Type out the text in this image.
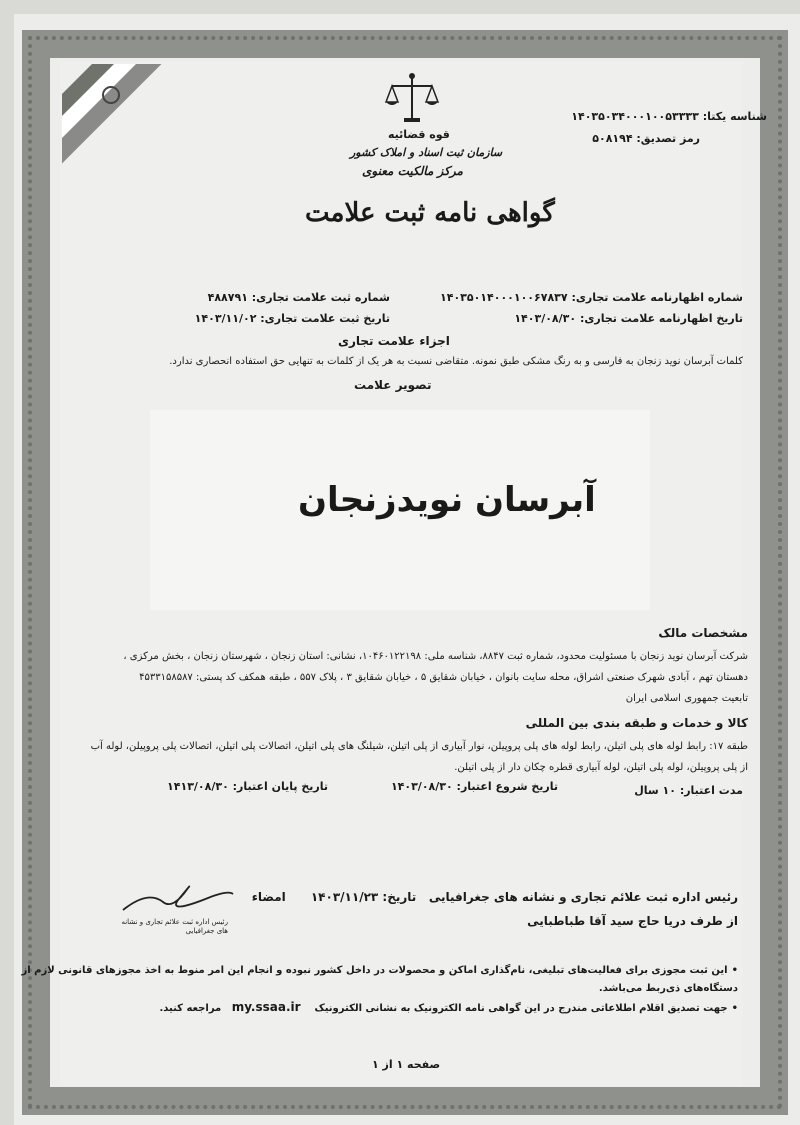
شناسه یکتا: ۱۴۰۳۵۰۳۴۰۰۰۱۰۰۵۳۳۳۳
رمز تصدیق: ۵۰۸۱۹۴
قوه قضائیه
سازمان ثبت اسناد و املاک کشور
مرکز مالکیت معنوی
گواهی نامه ثبت علامت
شماره اظهارنامه علامت تجاری: ۱۴۰۳۵۰۱۴۰۰۰۱۰۰۶۷۸۳۷
تاریخ اظهارنامه علامت تجاری: ۱۴۰۳/۰۸/۳۰
شماره ثبت علامت تجاری: ۴۸۸۷۹۱
تاریخ ثبت علامت تجاری: ۱۴۰۳/۱۱/۰۲
اجزاء علامت تجاری
کلمات آبرسان نوید زنجان به فارسی و به رنگ مشکی طبق نمونه. متقاضی نسبت به هر یک از کلمات به تنهایی حق استفاده انحصاری ندارد.
تصویر علامت
آبرسان نویدزنجان
مشخصات مالک
شرکت آبرسان نوید زنجان با مسئولیت محدود، شماره ثبت ۸۸۴۷، شناسه ملی: ۱۰۴۶۰۱۲۲۱۹۸، نشانی: استان زنجان ، شهرستان زنجان ، بخش مرکزی ،
دهستان تهم ، آبادی شهرک صنعتی اشراق، محله سایت بانوان ، خیابان شقایق ۵ ، خیابان شقایق ۳ ، پلاک ۵۵۷ ، طبقه همکف کد پستی: ۴۵۳۳۱۵۸۵۸۷
تابعیت جمهوری اسلامی ایران
کالا و خدمات و طبقه بندی بین المللی
طبقه ۱۷: رابط لوله های پلی اتیلن، رابط لوله های پلی پروپیلن، نوار آبیاری از پلی اتیلن، شیلنگ های پلی اتیلن، اتصالات پلی اتیلن، اتصالات پلی پروپیلن، لوله آب
از پلی پروپیلن، لوله پلی اتیلن، لوله آبیاری قطره چکان دار از پلی اتیلن.
مدت اعتبار: ۱۰ سال
تاریخ شروع اعتبار: ۱۴۰۳/۰۸/۳۰
تاریخ پایان اعتبار: ۱۴۱۳/۰۸/۳۰
رئیس اداره ثبت علائم تجاری و نشانه های جغرافیایی   تاریخ: ۱۴۰۳/۱۱/۲۳      امضاء
از طرف دریا حاج سید آقا طباطبایی
رئیس اداره ثبت علائم تجاری و نشانه های جغرافیایی
•این ثبت مجوزی برای فعالیت‌های تبلیغی، نام‌گذاری اماکن و محصولات در داخل کشور نبوده و انجام این امر منوط به اخذ مجوزهای قانونی لازم از
دستگاه‌های ذی‌ربط می‌باشد.
•جهت تصدیق اقلام اطلاعاتی مندرج در این گواهی نامه الکترونیک به نشانی الکترونیک    my.ssaa.ir   مراجعه کنید.
صفحه ۱ از ۱
